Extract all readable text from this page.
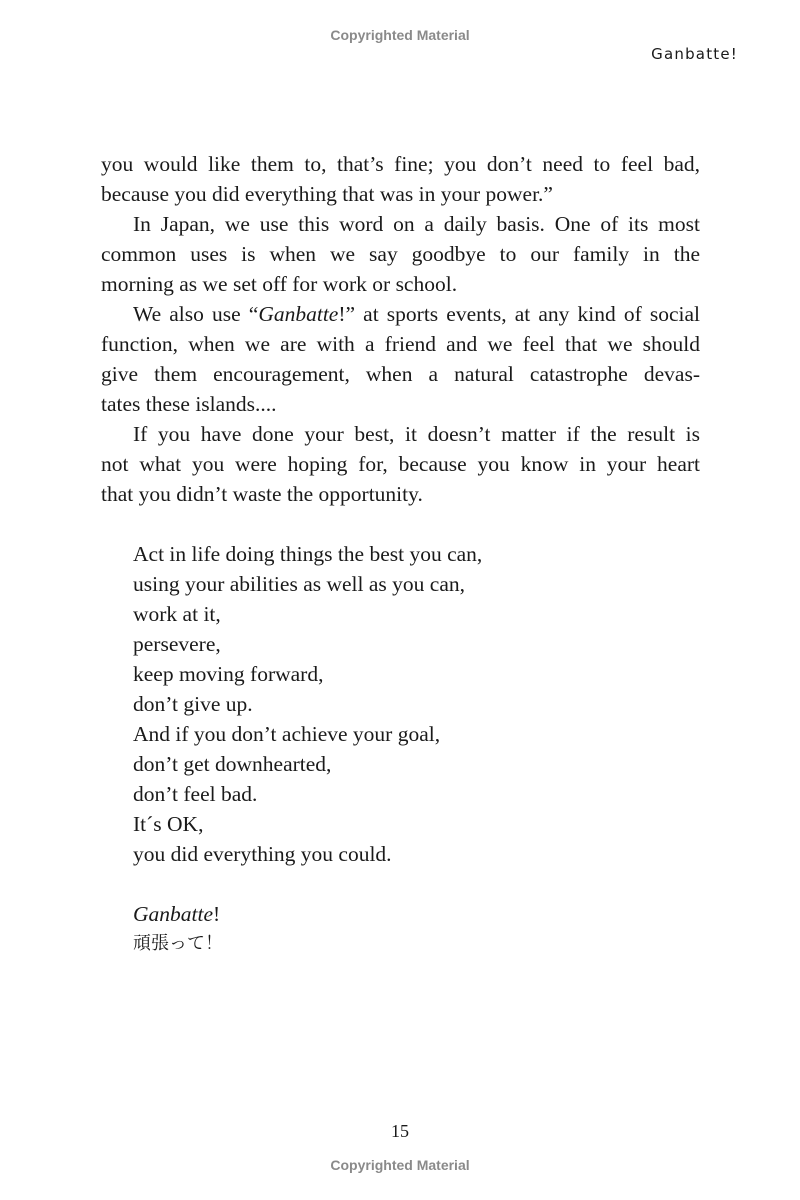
Copyrighted Material
Ganbatte!
you would like them to, that’s fine; you don’t need to feel bad,
because you did everything that was in your power.”
In Japan, we use this word on a daily basis. One of its most
common uses is when we say goodbye to our family in the
morning as we set off for work or school.
We also use “Ganbatte!” at sports events, at any kind of social
function, when we are with a friend and we feel that we should
give them encouragement, when a natural catastrophe devas-
tates these islands....
If you have done your best, it doesn’t matter if the result is
not what you were hoping for, because you know in your heart
that you didn’t waste the opportunity.
Act in life doing things the best you can,
using your abilities as well as you can,
work at it,
persevere,
keep moving forward,
don’t give up.
And if you don’t achieve your goal,
don’t get downhearted,
don’t feel bad.
It´s OK,
you did everything you could.
Ganbatte!
頑張って！
15
Copyrighted Material
